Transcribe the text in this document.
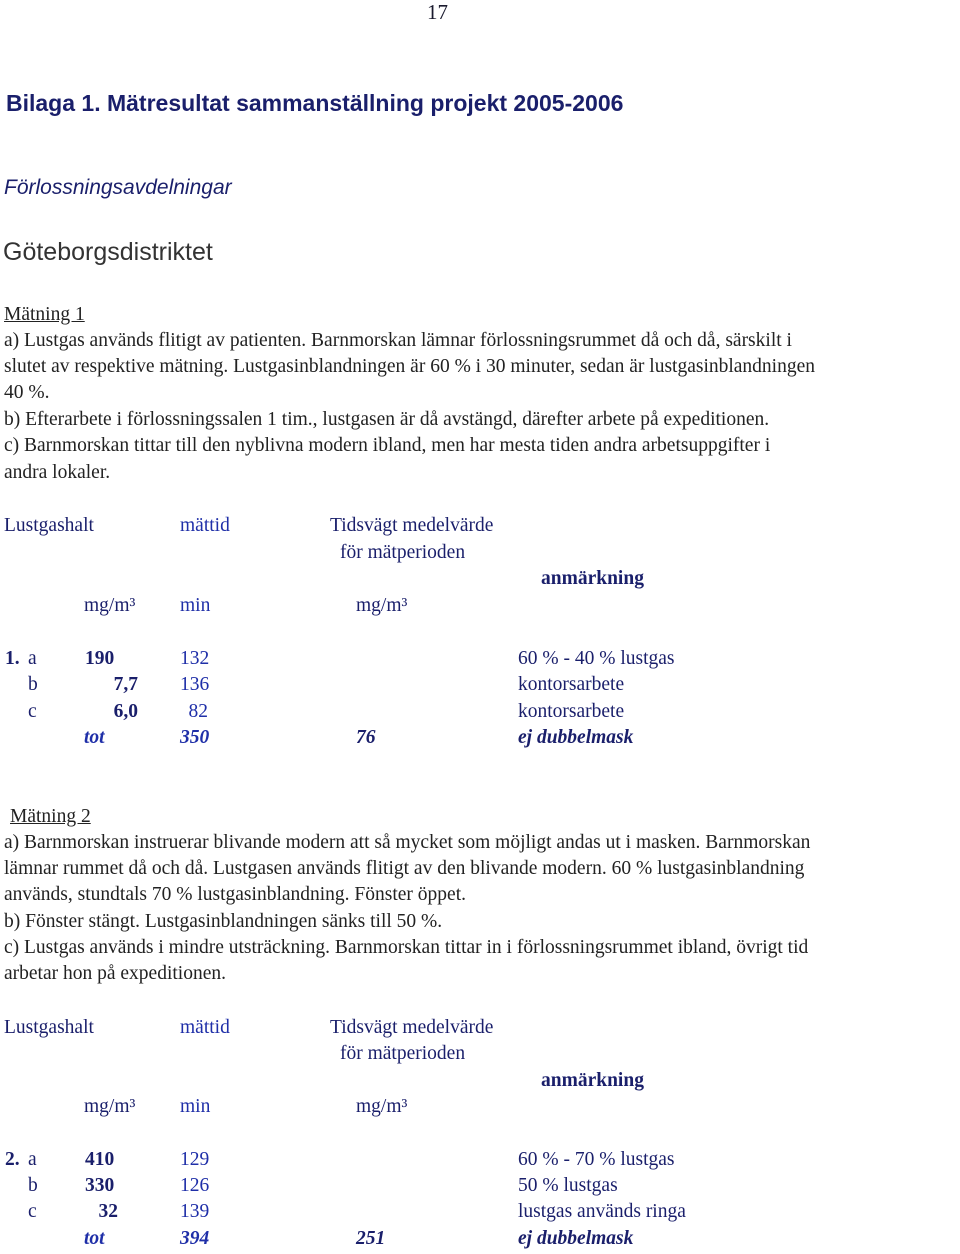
17
Bilaga 1. Mätresultat sammanställning projekt 2005-2006
Förlossningsavdelningar
Göteborgsdistriktet
Mätning 1
a) Lustgas används flitigt av patienten. Barnmorskan lämnar förlossningsrummet då och då, särskilt i
slutet av respektive mätning. Lustgasinblandningen är 60 % i 30 minuter, sedan är lustgasinblandningen
40 %.
b) Efterarbete i förlossningssalen 1 tim., lustgasen är då avstängd, därefter arbete på expeditionen.
c) Barnmorskan tittar till den nyblivna modern ibland, men har mesta tiden andra arbetsuppgifter i
andra lokaler.
Lustgashalt	mättid	Tidsvägt medelvärde
för mätperioden
anmärkning
mg/m³ min	mg/m³
1. a 190	132	60 % - 40 % lustgas
b	7,7 136	kontorsarbete
c	6,0	82	kontorsarbete
tot	350	76	ej dubbelmask
Mätning 2
a) Barnmorskan instruerar blivande modern att så mycket som möjligt andas ut i masken. Barnmorskan
lämnar rummet då och då. Lustgasen används flitigt av den blivande modern. 60 % lustgasinblandning
används, stundtals 70 % lustgasinblandning. Fönster öppet.
b) Fönster stängt. Lustgasinblandningen sänks till 50 %.
c) Lustgas används i mindre utsträckning. Barnmorskan tittar in i förlossningsrummet ibland, övrigt tid
arbetar hon på expeditionen.
Lustgashalt	mättid	Tidsvägt medelvärde
för mätperioden
anmärkning
mg/m³ min	mg/m³
2. a 410	129	60 % - 70 % lustgas
b 330	126	50 % lustgas
c	32	139	lustgas används ringa
tot	394	251	ej dubbelmask
